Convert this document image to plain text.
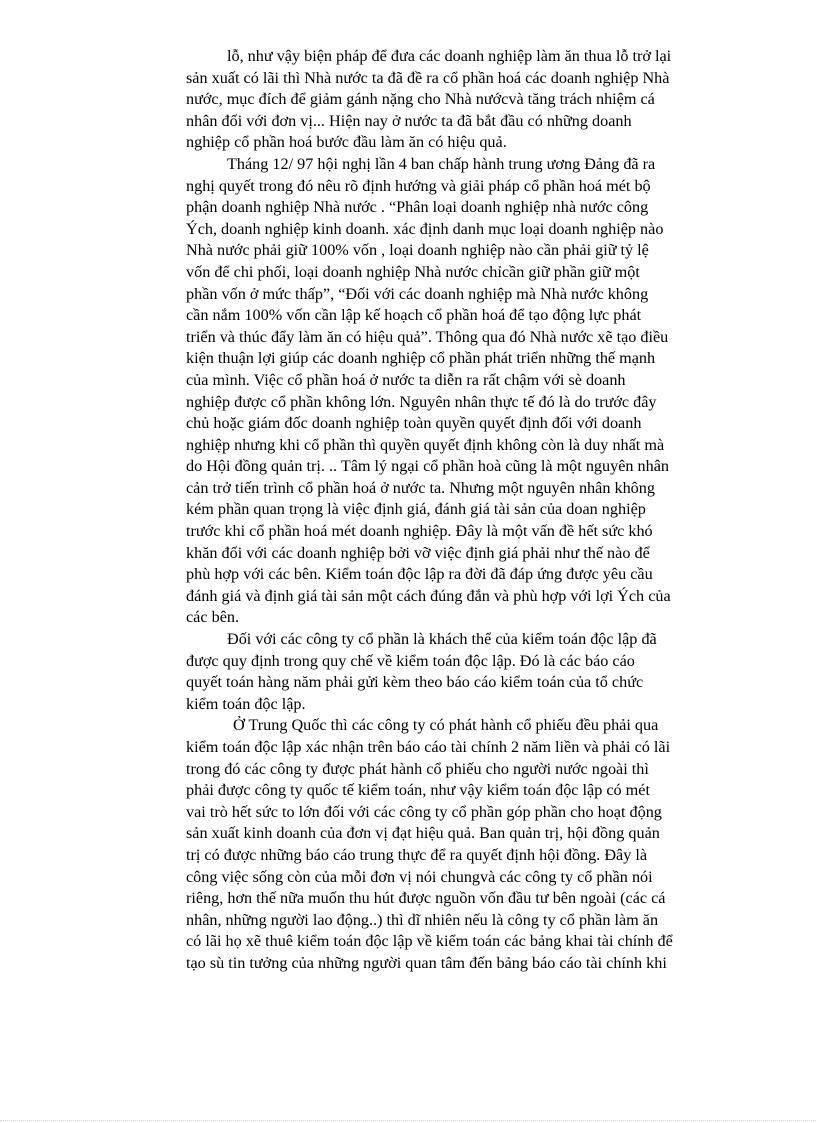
lỗ, như vậy biện pháp để đưa các doanh nghiệp làm ăn thua lỗ trở lại
sản xuất có lãi thì Nhà nước ta đã đề ra cổ phần hoá các doanh nghiệp Nhà
nước, mục đích để giảm gánh nặng cho Nhà nướcvà tăng trách nhiệm cá
nhân đối với đơn vị... Hiện nay ở nước ta đã bắt đầu có những doanh
nghiệp cổ phần hoá bước đầu làm ăn có hiệu quả.
Tháng 12/ 97 hội nghị lần 4 ban chấp hành trung ương Đảng đã ra
nghị quyết trong đó nêu rõ định hướng và giải pháp cổ phần hoá mét bộ
phận doanh nghiệp Nhà nước . “Phân loại doanh nghiệp nhà nước công
Ých, doanh nghiệp kinh doanh. xác định danh mục loại doanh nghiệp nào
Nhà nước phải giữ 100% vốn , loại doanh nghiệp nào cần phải giữ tỷ lệ
vốn để chi phối, loại doanh nghiệp Nhà nước chỉcần giữ phần giữ một
phần vốn ở mức thấp”, “Đối với các doanh nghiệp mà Nhà nước không
cần nắm 100% vốn cần lập kế hoạch cổ phần hoá để tạo động lực phát
triển và thúc đẩy làm ăn có hiệu quả”. Thông qua đó Nhà nước xẽ tạo điều
kiện thuận lợi giúp các doanh nghiệp cổ phần phát triển những thế mạnh
của mình. Việc cổ phần hoá ở nước ta diễn ra rất chậm với sè doanh
nghiệp được cổ phần không lớn. Nguyên nhân thực tế đó là do trước đây
chủ hoặc giám đốc doanh nghiệp toàn quyền quyết định đối với doanh
nghiệp nhưng khi cổ phần thì quyền quyết định không còn là duy nhất mà
do Hội đồng quản trị. .. Tâm lý ngại cổ phần hoà cũng là một nguyên nhân
cản trở tiến trình cổ phần hoá ở nước ta. Nhưng một nguyên nhân không
kém phần quan trọng là việc định giá, đánh giá tài sản của doan nghiệp
trước khi cổ phần hoá mét doanh nghiệp. Đây là một vấn đề hết sức khó
khăn đối với các doanh nghiệp bởi vỡ việc định giá phải như thế nào để
phù hợp với các bên. Kiểm toán độc lập ra đời đã đáp ứng được yêu cầu
đánh giá và định giá tài sản một cách đúng đắn và phù hợp với lợi Ých của
các bên.
Đối với các công ty cổ phần là khách thể của kiểm toán độc lập đã
được quy định trong quy chế về kiểm toán độc lập. Đó là các báo cáo
quyết toán hàng năm phải gửi kèm theo báo cáo kiểm toán của tổ chức
kiểm toán độc lập.
Ở Trung Quốc thì các công ty có phát hành cổ phiếu đều phải qua
kiểm toán độc lập xác nhận trên báo cáo tài chính 2 năm liền và phải có lãi
trong đó các công ty được phát hành cổ phiếu cho người nước ngoài thì
phải được công ty quốc tế kiểm toán, như vậy kiểm toán độc lập có mét
vai trò hết sức to lớn đối với các công ty cổ phần góp phần cho hoạt động
sản xuất kinh doanh của đơn vị đạt hiệu quả. Ban quản trị, hội đồng quản
trị có được những báo cáo trung thực để ra quyết định hội đồng. Đây là
công việc sống còn của mỗi đơn vị nói chungvà các công ty cổ phần nói
riêng, hơn thế nữa muốn thu hút được nguồn vốn đầu tư bên ngoài (các cá
nhân, những người lao động..) thì dĩ nhiên nếu là công ty cổ phần làm ăn
có lãi họ xẽ thuê kiểm toán độc lập về kiểm toán các bảng khai tài chính để
tạo sù tin tưởng của những người quan tâm đến bảng báo cáo tài chính khi
